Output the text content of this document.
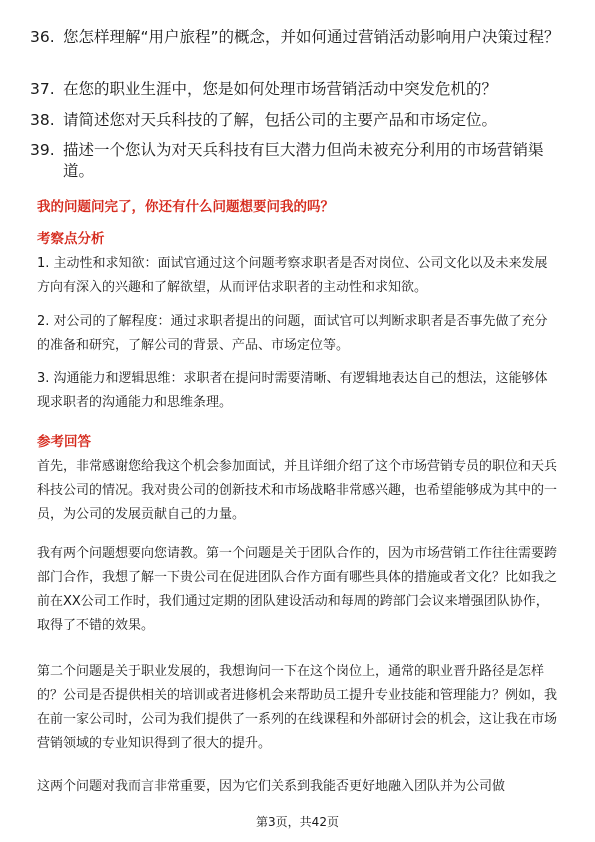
36. 您怎样理解“用户旅程”的概念，并如何通过营销活动影响用户决策过程？
37. 在您的职业生涯中，您是如何处理市场营销活动中突发危机的？
38. 请简述您对天兵科技的了解，包括公司的主要产品和市场定位。
39. 描述一个您认为对天兵科技有巨大潜力但尚未被充分利用的市场营销渠道。
我的问题问完了，你还有什么问题想要问我的吗？
考察点分析
1. 主动性和求知欲：面试官通过这个问题考察求职者是否对岗位、公司文化以及未来发展方向有深入的兴趣和了解欲望，从而评估求职者的主动性和求知欲。
2. 对公司的了解程度：通过求职者提出的问题，面试官可以判断求职者是否事先做了充分的准备和研究，了解公司的背景、产品、市场定位等。
3. 沟通能力和逻辑思维：求职者在提问时需要清晰、有逻辑地表达自己的想法，这能够体现求职者的沟通能力和思维条理。
参考回答
首先，非常感谢您给我这个机会参加面试，并且详细介绍了这个市场营销专员的职位和天兵科技公司的情况。我对贵公司的创新技术和市场战略非常感兴趣，也希望能够成为其中的一员，为公司的发展贡献自己的力量。
我有两个问题想要向您请教。第一个问题是关于团队合作的，因为市场营销工作往往需要跨部门合作，我想了解一下贵公司在促进团队合作方面有哪些具体的措施或者文化？比如我之前在XX公司工作时，我们通过定期的团队建设活动和每周的跨部门会议来增强团队协作，取得了不错的效果。
第二个问题是关于职业发展的，我想询问一下在这个岗位上，通常的职业晋升路径是怎样的？公司是否提供相关的培训或者进修机会来帮助员工提升专业技能和管理能力？例如，我在前一家公司时，公司为我们提供了一系列的在线课程和外部研讨会的机会，这让我在市场营销领域的专业知识得到了很大的提升。
这两个问题对我而言非常重要，因为它们关系到我能否更好地融入团队并为公司做
第3页，共42页
